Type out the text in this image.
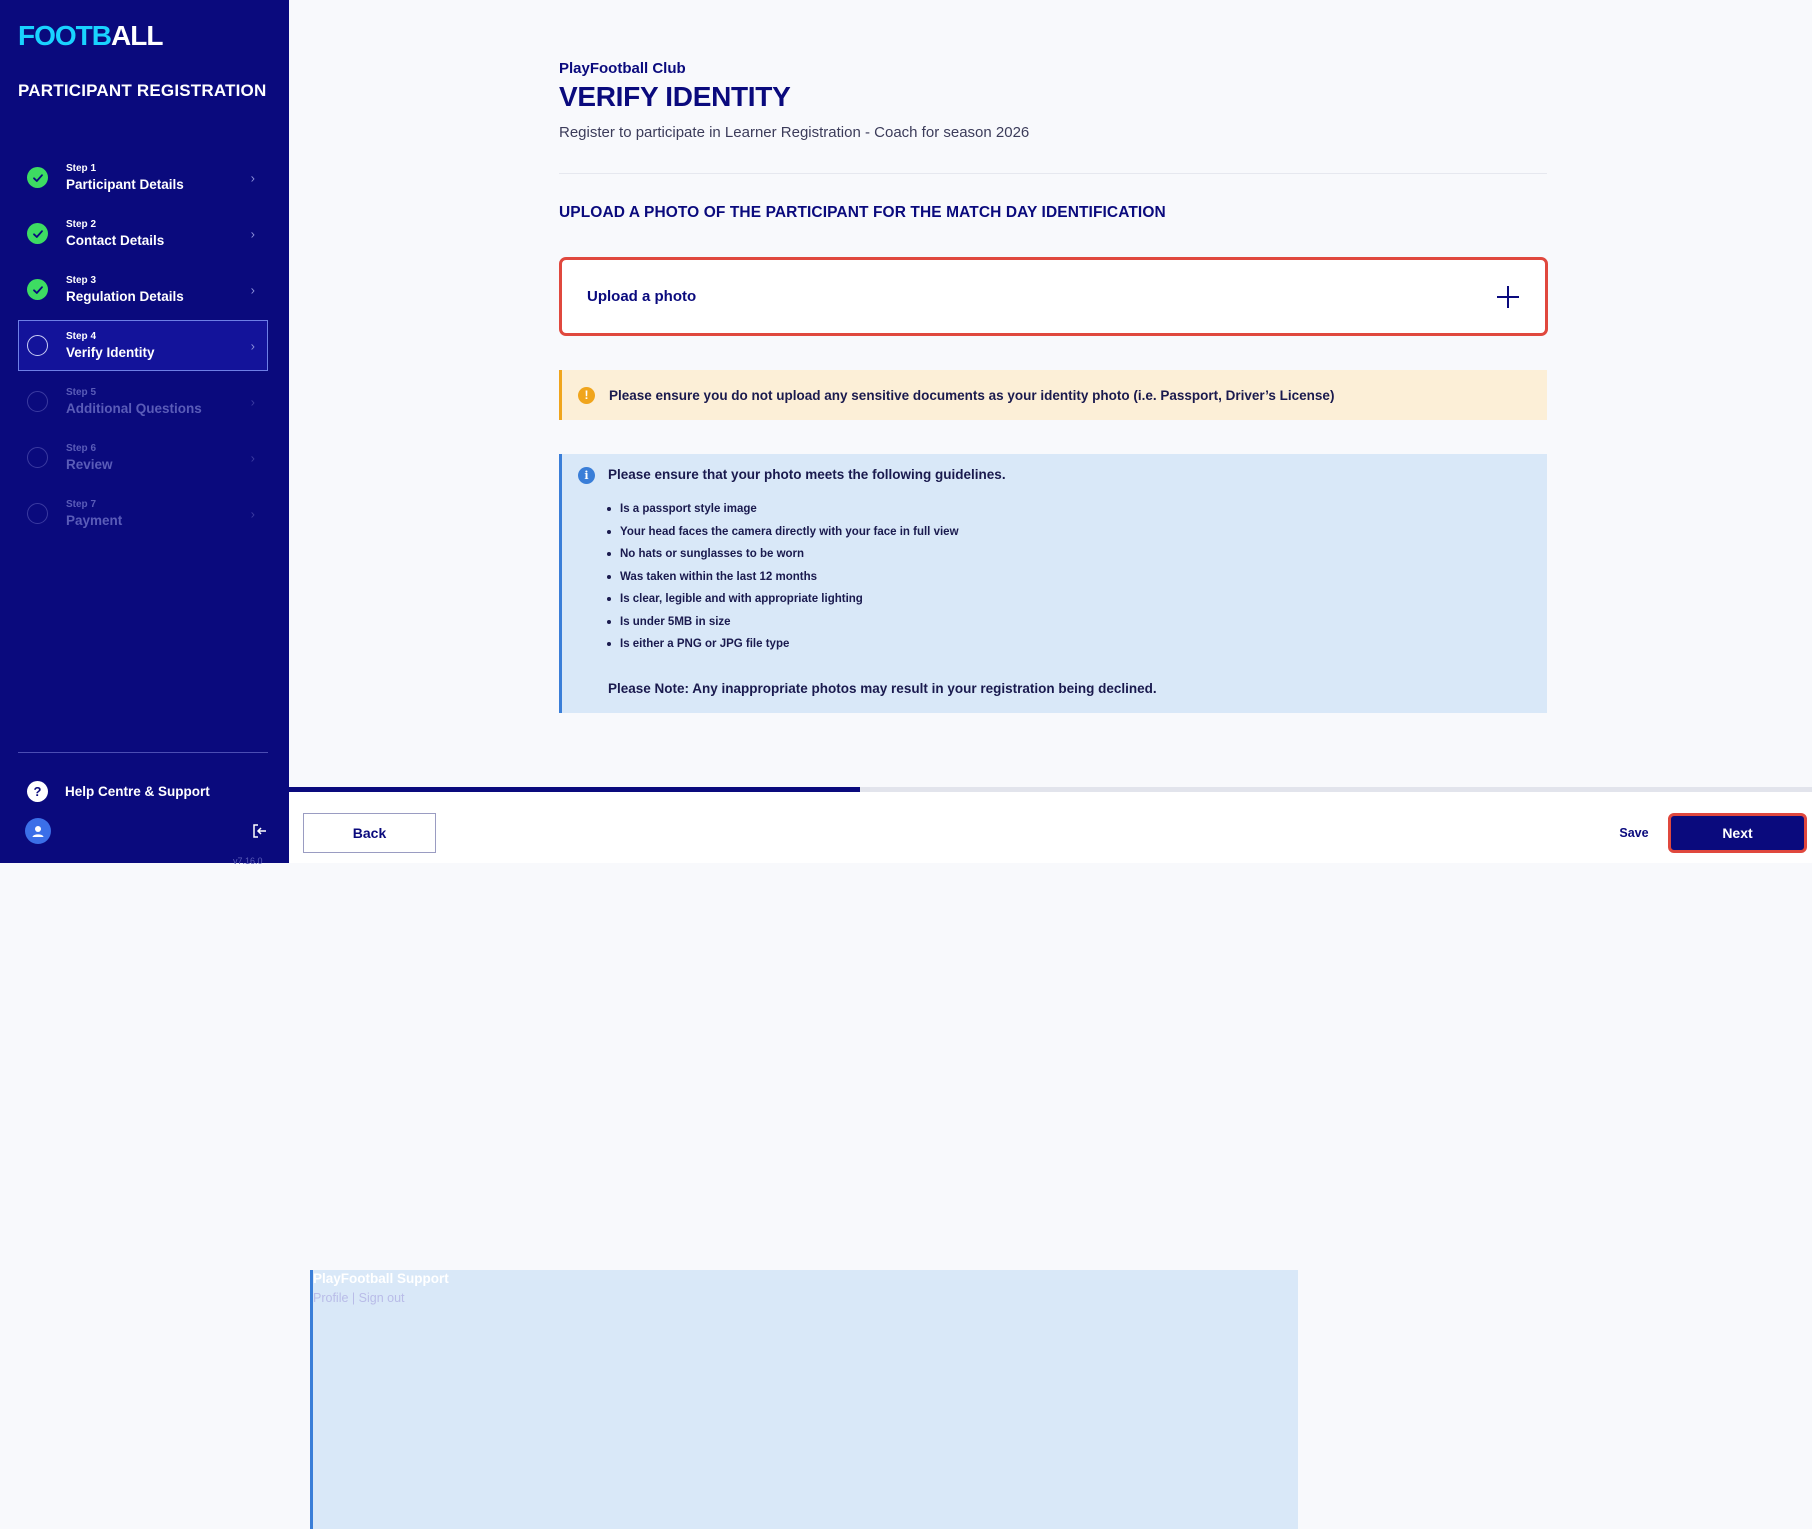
FOOTBALL
PARTICIPANT REGISTRATION
Step 1
Participant Details	›
Step 2
Contact Details	›
Step 3
Regulation Details	›
Step 4
Verify Identity	›
Step 5
Additional Questions	›
Step 6
Review	›
Step 7
Payment	›
?	Help Centre & Support
PlayFootball Support
Profile | Sign out
v7.16.0
PlayFootball Club
VERIFY IDENTITY
Register to participate in Learner Registration - Coach for season 2026
UPLOAD A PHOTO OF THE PARTICIPANT FOR THE MATCH DAY IDENTIFICATION
Upload a photo
!	Please ensure you do not upload any sensitive documents as your identity photo (i.e. Passport, Driver’s License)
i	Please ensure that your photo meets the following guidelines.
Is a passport style image
Your head faces the camera directly with your face in full view
No hats or sunglasses to be worn
Was taken within the last 12 months
Is clear, legible and with appropriate lighting
Is under 5MB in size
Is either a PNG or JPG file type
Please Note: Any inappropriate photos may result in your registration being declined.
Back	Save	Next
